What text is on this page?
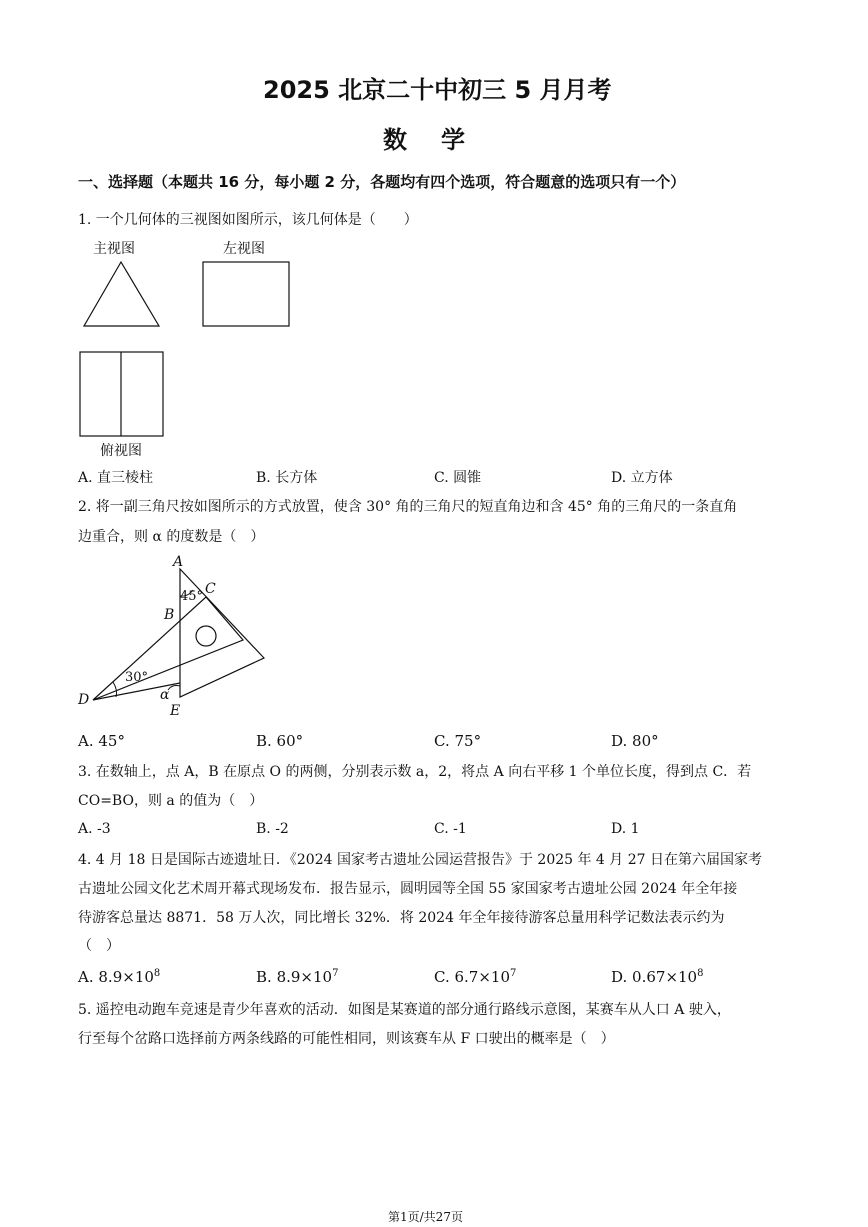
2025 北京二十中初三 5 月月考
数学
一、选择题（本题共 16 分，每小题 2 分，各题均有四个选项，符合题意的选项只有一个）
1. 一个几何体的三视图如图所示，该几何体是（　　）
主视图	左视图
俯视图
A. 直三棱柱	B. 长方体	C. 圆锥	D. 立方体
2. 将一副三角尺按如图所示的方式放置，使含 30° 角的三角尺的短直角边和含 45° 角的三角尺的一条直角
边重合，则 α 的度数是（　）
A
C
45°
B
30°
D	α
E
A. 45°	B. 60°	C. 75°	D. 80°
3. 在数轴上，点 A，B 在原点 O 的两侧，分别表示数 a，2，将点 A 向右平移 1 个单位长度，得到点 C．若
CO=BO，则 a 的值为（　）
A. -3	B. -2	C. -1	D. 1
4. 4 月 18 日是国际古迹遗址日．《2024 国家考古遗址公园运营报告》于 2025 年 4 月 27 日在第六届国家考
古遗址公园文化艺术周开幕式现场发布．报告显示，圆明园等全国 55 家国家考古遗址公园 2024 年全年接
待游客总量达 8871．58 万人次，同比增长 32%．将 2024 年全年接待游客总量用科学记数法表示约为
（　）
A. $8.9\times 10^8$	B. $8.9\times 10^7$	C. $6.7\times 10^7$	D. $0.67\times 10^8$
5. 遥控电动跑车竞速是青少年喜欢的活动．如图是某赛道的部分通行路线示意图，某赛车从人口 A 驶入，
行至每个岔路口选择前方两条线路的可能性相同，则该赛车从 F 口驶出的概率是（　）
第1页/共27页
